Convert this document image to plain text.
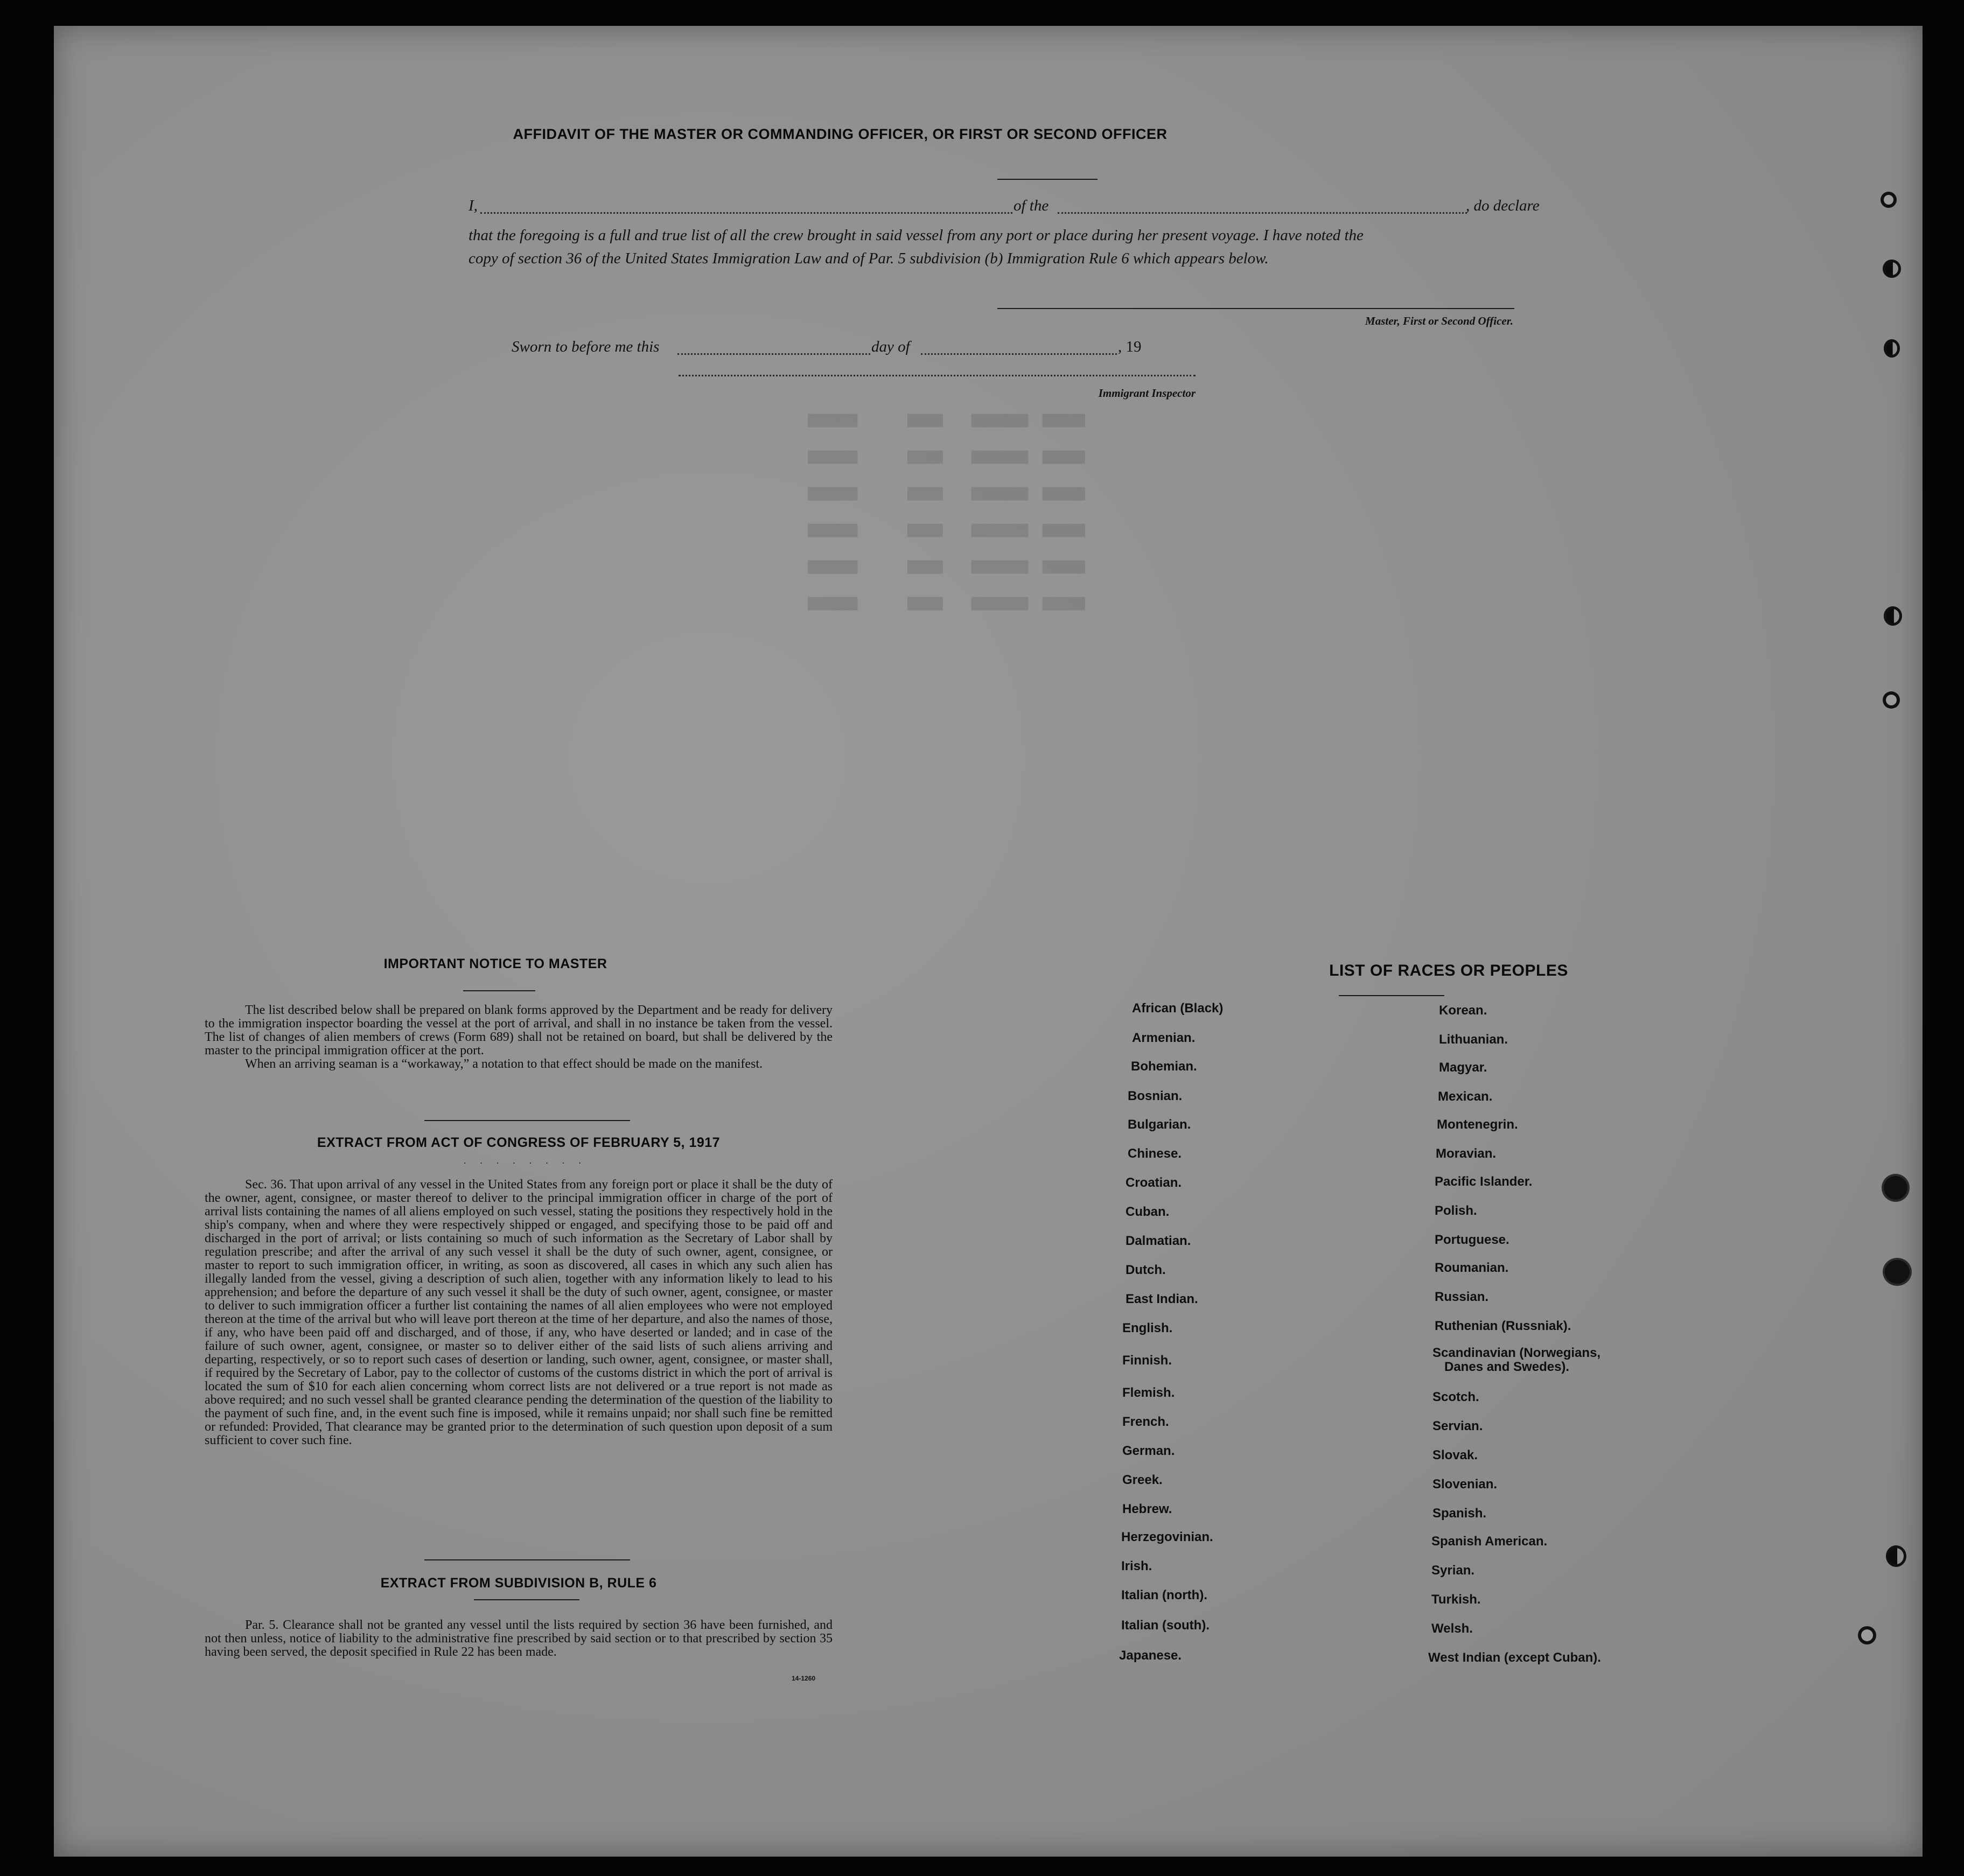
███████       █████    ████████  ██████
███████       █████    ████████  ██████
███████       █████    ████████  ██████
███████       █████    ████████  ██████
███████       █████    ████████  ██████
███████       █████    ████████  ██████
AFFIDAVIT OF THE MASTER OR COMMANDING OFFICER, OR FIRST OR SECOND OFFICER
I,	of the	, do declare
that the foregoing is a full and true list of all the crew brought in said vessel from any port or place during her present voyage. I have noted the
copy of section 36 of the United States Immigration Law and of Par. 5 subdivision (b) Immigration Rule 6 which appears below.
Master, First or Second Officer.
Sworn to before me this	day of	, 19
Immigrant Inspector
IMPORTANT NOTICE TO MASTER

The list described below shall be prepared on blank forms approved by the Department and be ready for delivery to the immigration inspector boarding the vessel at the port of arrival, and shall in no instance be taken from the vessel. The list of changes of alien members of crews (Form 689) shall not be retained on board, but shall be delivered by the master to the principal immigration officer at the port.

When an arriving seaman is a “workaway,” a notation to that effect should be made on the manifest.

EXTRACT FROM ACT OF CONGRESS OF FEBRUARY 5, 1917
· · · · · · · ·

Sec. 36. That upon arrival of any vessel in the United States from any foreign port or place it shall be the duty of the owner, agent, consignee, or master thereof to deliver to the principal immigration officer in charge of the port of arrival lists containing the names of all aliens employed on such vessel, stating the positions they respectively hold in the ship's company, when and where they were respectively shipped or engaged, and specifying those to be paid off and discharged in the port of arrival; or lists containing so much of such information as the Secretary of Labor shall by regulation prescribe; and after the arrival of any such vessel it shall be the duty of such owner, agent, consignee, or master to report to such immigration officer, in writing, as soon as discovered, all cases in which any such alien has illegally landed from the vessel, giving a description of such alien, together with any information likely to lead to his apprehension; and before the departure of any such vessel it shall be the duty of such owner, agent, consignee, or master to deliver to such immigration officer a further list containing the names of all alien employees who were not employed thereon at the time of the arrival but who will leave port thereon at the time of her departure, and also the names of those, if any, who have been paid off and discharged, and of those, if any, who have deserted or landed; and in case of the failure of such owner, agent, consignee, or master so to deliver either of the said lists of such aliens arriving and departing, respectively, or so to report such cases of desertion or landing, such owner, agent, consignee, or master shall, if required by the Secretary of Labor, pay to the collector of customs of the customs district in which the port of arrival is located the sum of $10 for each alien concerning whom correct lists are not delivered or a true report is not made as above required; and no such vessel shall be granted clearance pending the determination of the question of the liability to the payment of such fine, and, in the event such fine is imposed, while it remains unpaid; nor shall such fine be remitted or refunded: Provided, That clearance may be granted prior to the determination of such question upon deposit of a sum sufficient to cover such fine.

EXTRACT FROM SUBDIVISION B, RULE 6

Par. 5. Clearance shall not be granted any vessel until the lists required by section 36 have been furnished, and not then unless, notice of liability to the administrative fine prescribed by said section or to that prescribed by section 35 having been served, the deposit specified in Rule 22 has been made.

14-1260
LIST OF RACES OR PEOPLES
African (Black)
Armenian.
Bohemian.
Bosnian.
Bulgarian.
Chinese.
Croatian.
Cuban.
Dalmatian.
Dutch.
East Indian.
English.
Finnish.
Flemish.
French.
German.
Greek.
Hebrew.
Herzegovinian.
Irish.
Italian (north).
Italian (south).
Japanese.
Korean.
Lithuanian.
Magyar.
Mexican.
Montenegrin.
Moravian.
Pacific Islander.
Polish.
Portuguese.
Roumanian.
Russian.
Ruthenian (Russniak).
Scandinavian (Norwegians,
Danes and Swedes).
Scotch.
Servian.
Slovak.
Slovenian.
Spanish.
Spanish American.
Syrian.
Turkish.
Welsh.
West Indian (except Cuban).
